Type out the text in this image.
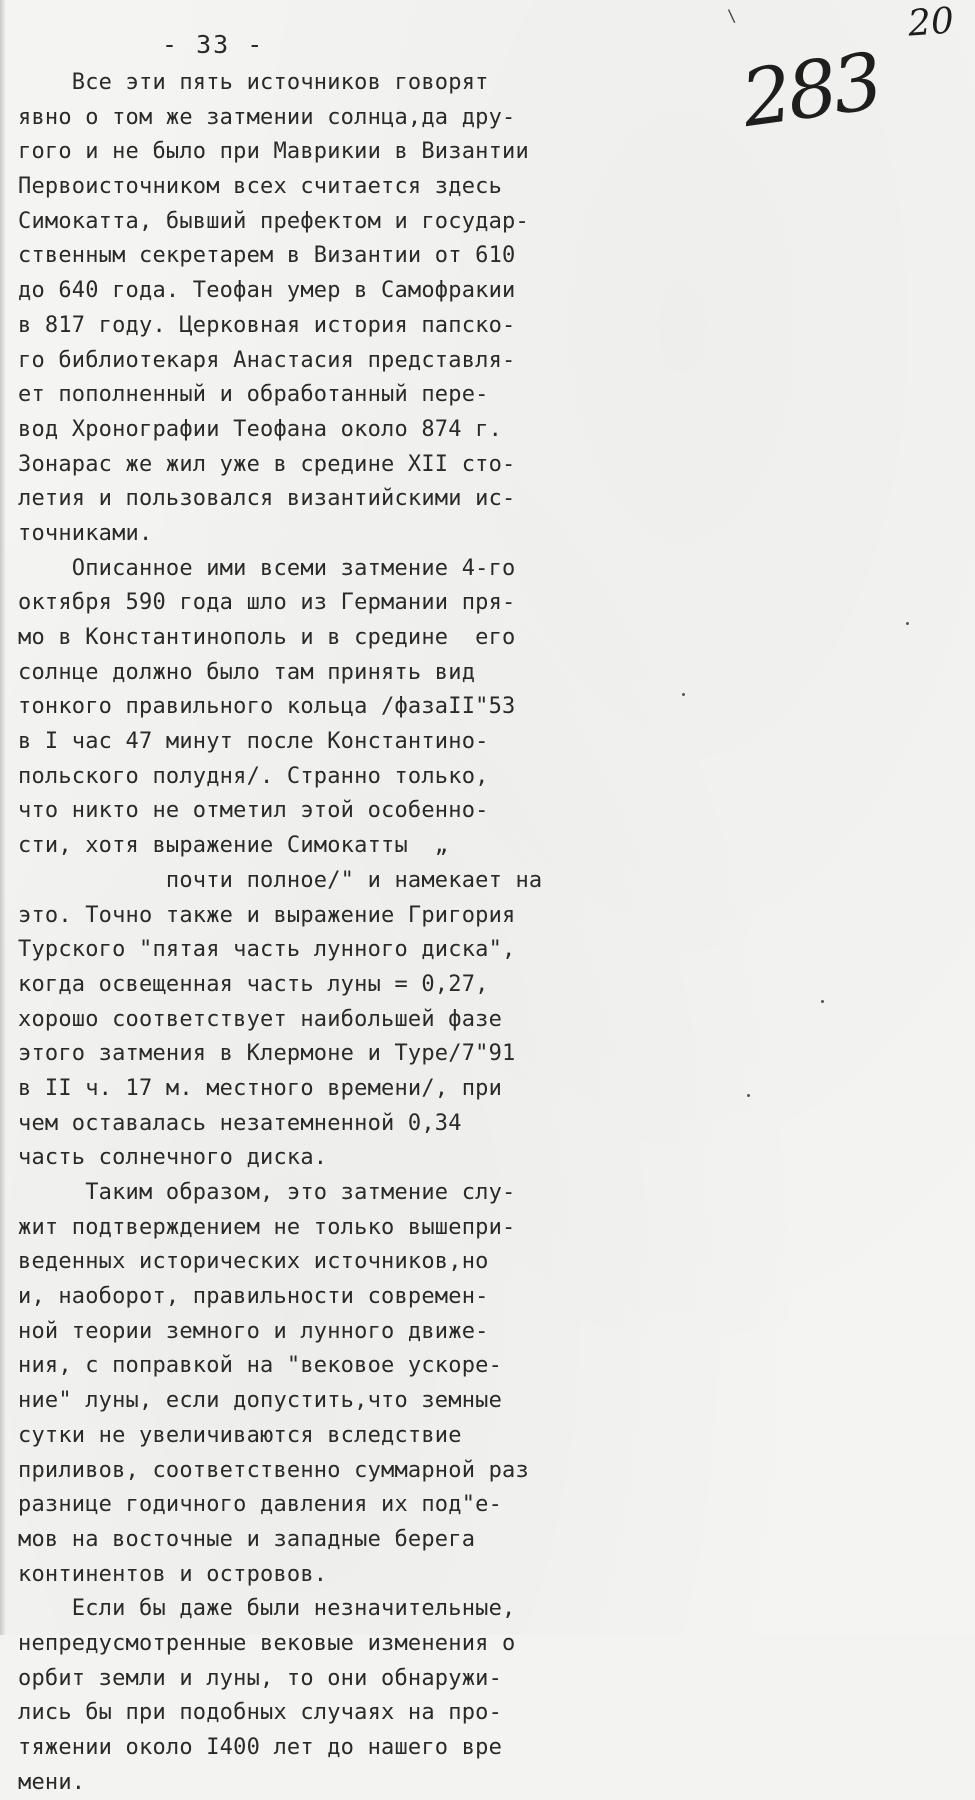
\
283
20
- 33 -
Все эти пять источников говорят
явно о том же затмении солнца,да дру-
гого и не было при Маврикии в Византии
Первоисточником всех считается здесь
Симокатта, бывший префектом и государ-
ственным секретарем в Византии от 610
до 640 года. Теофан умер в Самофракии
в 817 году. Церковная история папско-
го библиотекаря Анастасия представля-
ет пополненный и обработанный пере-
вод Хронографии Теофана около 874 г.
Зонарас же жил уже в средине XII сто-
летия и пользовался византийскими ис-
точниками.
Описанное ими всеми затмение 4-го
октября 590 года шло из Германии пря-
мо в Константинополь и в средине  его
солнце должно было там принять вид
тонкого правильного кольца /фазаII"53
в I час 47 минут после Константино-
польского полудня/. Странно только,
что никто не отметил этой особенно-
сти, хотя выражение Симокатты  „
почти полное/" и намекает на
это. Точно также и выражение Григория
Турского "пятая часть лунного диска",
когда освещенная часть луны = 0,27,
хорошо соответствует наибольшей фазе
этого затмения в Клермоне и Туре/7"91
в II ч. 17 м. местного времени/, при
чем оставалась незатемненной 0,34
часть солнечного диска.
Таким образом, это затмение слу-
жит подтверждением не только вышепри-
веденных исторических источников,но
и, наоборот, правильности современ-
ной теории земного и лунного движе-
ния, с поправкой на "вековое ускоре-
ние" луны, если допустить,что земные
сутки не увеличиваются вследствие
приливов, соответственно суммарной раз
разнице годичного давления их под"е-
мов на восточные и западные берега
континентов и островов.
Если бы даже были незначительные,
непредусмотренные вековые изменения о
орбит земли и луны, то они обнаружи-
лись бы при подобных случаях на про-
тяжении около I400 лет до нашего вре
мени.
